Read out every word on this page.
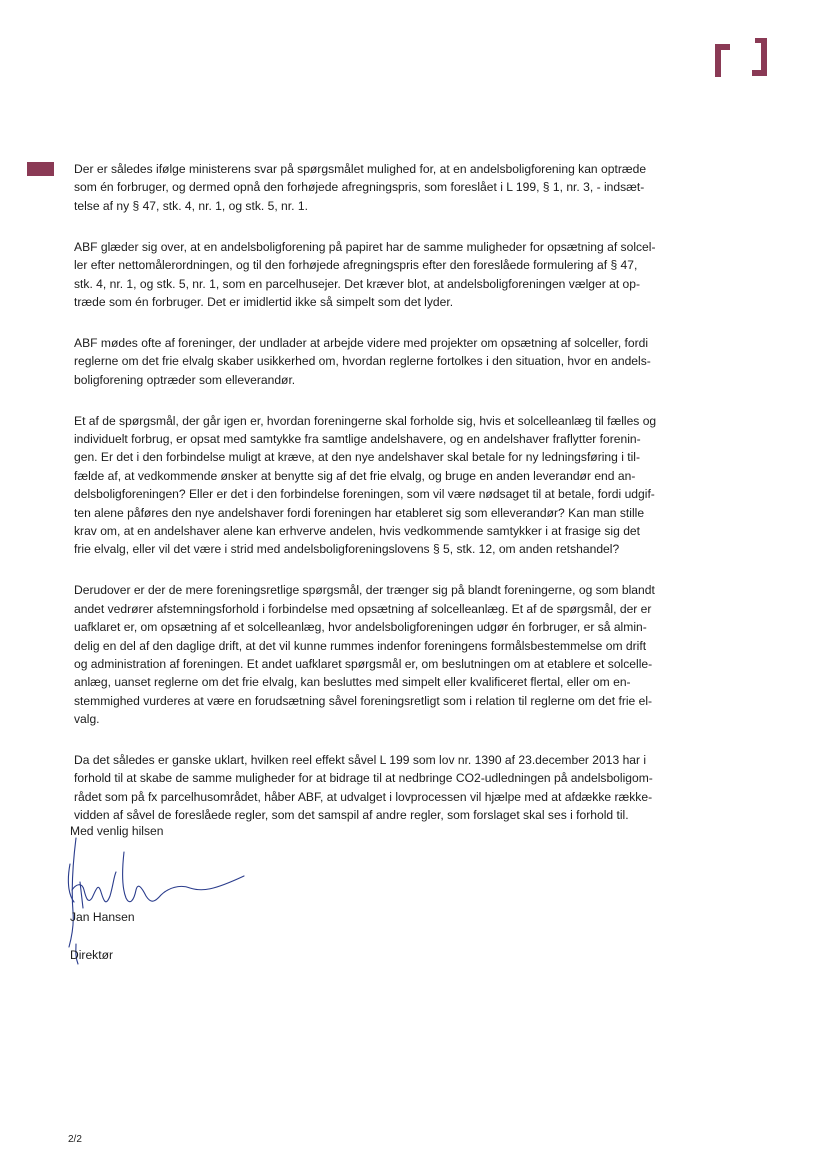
Der er således ifølge ministerens svar på spørgsmålet mulighed for, at en andelsboligforening kan optræde
som én forbruger, og dermed opnå den forhøjede afregningspris, som foreslået i L 199, § 1, nr. 3, - indsæt-
telse af ny § 47, stk. 4, nr. 1, og stk. 5, nr. 1.

ABF glæder sig over, at en andelsboligforening på papiret har de samme muligheder for opsætning af solcel-
ler efter nettomålerordningen, og til den forhøjede afregningspris efter den foreslåede formulering af § 47,
stk. 4, nr. 1, og stk. 5, nr. 1, som en parcelhusejer. Det kræver blot, at andelsboligforeningen vælger at op-
træde som én forbruger. Det er imidlertid ikke så simpelt som det lyder.

ABF mødes ofte af foreninger, der undlader at arbejde videre med projekter om opsætning af solceller, fordi
reglerne om det frie elvalg skaber usikkerhed om, hvordan reglerne fortolkes i den situation, hvor en andels-
boligforening optræder som elleverandør.

Et af de spørgsmål, der går igen er, hvordan foreningerne skal forholde sig, hvis et solcelleanlæg til fælles og
individuelt forbrug, er opsat med samtykke fra samtlige andelshavere, og en andelshaver fraflytter forenin-
gen. Er det i den forbindelse muligt at kræve, at den nye andelshaver skal betale for ny ledningsføring i til-
fælde af, at vedkommende ønsker at benytte sig af det frie elvalg, og bruge en anden leverandør end an-
delsboligforeningen? Eller er det i den forbindelse foreningen, som vil være nødsaget til at betale, fordi udgif-
ten alene påføres den nye andelshaver fordi foreningen har etableret sig som elleverandør? Kan man stille
krav om, at en andelshaver alene kan erhverve andelen, hvis vedkommende samtykker i at frasige sig det
frie elvalg, eller vil det være i strid med andelsboligforeningslovens § 5, stk. 12, om anden retshandel?

Derudover er der de mere foreningsretlige spørgsmål, der trænger sig på blandt foreningerne, og som blandt
andet vedrører afstemningsforhold i forbindelse med opsætning af solcelleanlæg. Et af de spørgsmål, der er
uafklaret er, om opsætning af et solcelleanlæg, hvor andelsboligforeningen udgør én forbruger, er så almin-
delig en del af den daglige drift, at det vil kunne rummes indenfor foreningens formålsbestemmelse om drift
og administration af foreningen. Et andet uafklaret spørgsmål er, om beslutningen om at etablere et solcelle-
anlæg, uanset reglerne om det frie elvalg, kan besluttes med simpelt eller kvalificeret flertal, eller om en-
stemmighed vurderes at være en forudsætning såvel foreningsretligt som i relation til reglerne om det frie el-
valg.

Da det således er ganske uklart, hvilken reel effekt såvel L 199 som lov nr. 1390 af 23.december 2013 har i
forhold til at skabe de samme muligheder for at bidrage til at nedbringe CO2-udledningen på andelsboligom-
rådet som på fx parcelhusområdet, håber ABF, at udvalget i lovprocessen vil hjælpe med at afdække række-
vidden af såvel de foreslåede regler, som det samspil af andre regler, som forslaget skal ses i forhold til.

Med venlig hilsen
Jan Hansen
Direktør
2/2
